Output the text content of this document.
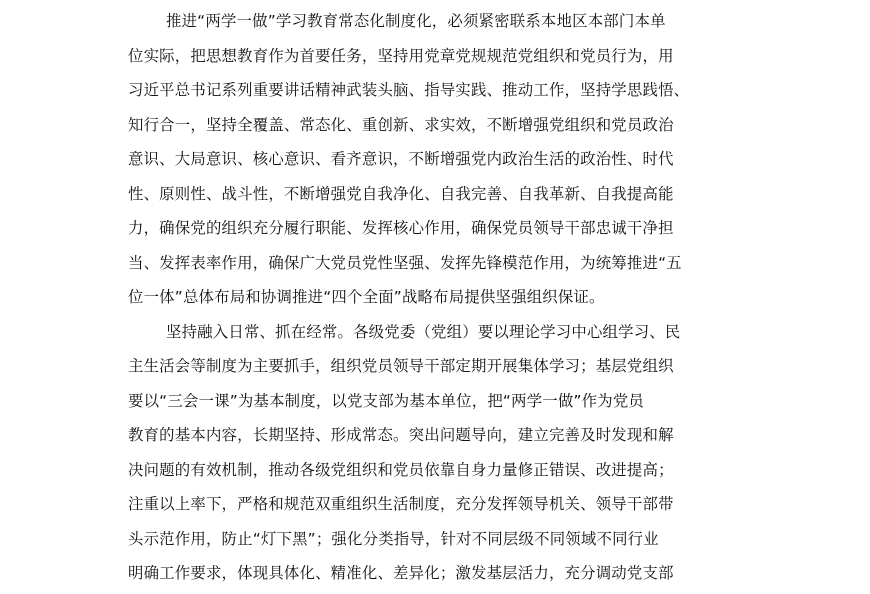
推进“两学一做”学习教育常态化制度化，必须紧密联系本地区本部门本单
位实际，把思想教育作为首要任务，坚持用党章党规规范党组织和党员行为，用
习近平总书记系列重要讲话精神武装头脑、指导实践、推动工作，坚持学思践悟、
知行合一，坚持全覆盖、常态化、重创新、求实效，不断增强党组织和党员政治
意识、大局意识、核心意识、看齐意识，不断增强党内政治生活的政治性、时代
性、原则性、战斗性，不断增强党自我净化、自我完善、自我革新、自我提高能
力，确保党的组织充分履行职能、发挥核心作用，确保党员领导干部忠诚干净担
当、发挥表率作用，确保广大党员党性坚强、发挥先锋模范作用，为统筹推进“五
位一体”总体布局和协调推进“四个全面”战略布局提供坚强组织保证。
坚持融入日常、抓在经常。各级党委（党组）要以理论学习中心组学习、民
主生活会等制度为主要抓手，组织党员领导干部定期开展集体学习；基层党组织
要以“三会一课”为基本制度，以党支部为基本单位，把“两学一做”作为党员
教育的基本内容，长期坚持、形成常态。突出问题导向，建立完善及时发现和解
决问题的有效机制，推动各级党组织和党员依靠自身力量修正错误、改进提高；
注重以上率下，严格和规范双重组织生活制度，充分发挥领导机关、领导干部带
头示范作用，防止“灯下黑”；强化分类指导，针对不同层级不同领域不同行业
明确工作要求，体现具体化、精准化、差异化；激发基层活力，充分调动党支部
